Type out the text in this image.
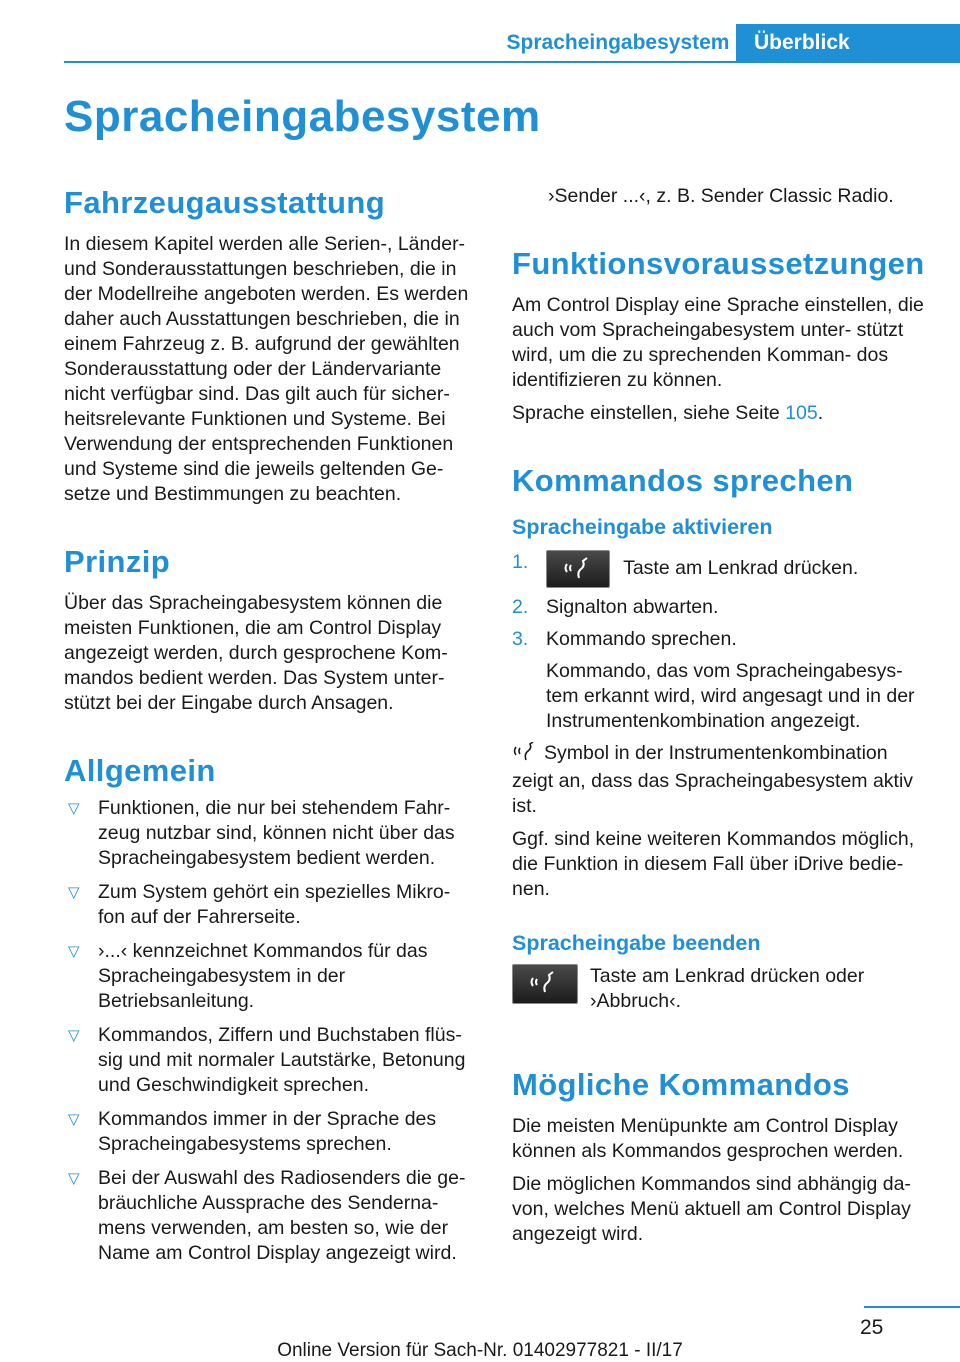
Spracheingabesystem	Überblick
Spracheingabesystem
Fahrzeugausstattung

In diesem Kapitel werden alle Serien-, Länder- und Sonderausstattungen beschrieben, die in der Modellreihe angeboten werden. Es werden daher auch Ausstattungen beschrieben, die in einem Fahrzeug z. B. aufgrund der gewählten Sonderausstattung oder der Ländervariante nicht verfügbar sind. Das gilt auch für sicher- heitsrelevante Funktionen und Systeme. Bei Verwendung der entsprechenden Funktionen und Systeme sind die jeweils geltenden Ge- setze und Bestimmungen zu beachten.

Prinzip

Über das Spracheingabesystem können die meisten Funktionen, die am Control Display angezeigt werden, durch gesprochene Kom- mandos bedient werden. Das System unter- stützt bei der Eingabe durch Ansagen.

Allgemein
▽ Funktionen, die nur bei stehendem Fahr- zeug nutzbar sind, können nicht über das Spracheingabesystem bedient werden.
▽ Zum System gehört ein spezielles Mikro- fon auf der Fahrerseite.
▽ ›...‹ kennzeichnet Kommandos für das Spracheingabesystem in der Betriebsanleitung.
▽ Kommandos, Ziffern und Buchstaben flüs- sig und mit normaler Lautstärke, Betonung und Geschwindigkeit sprechen.
▽ Kommandos immer in der Sprache des Spracheingabesystems sprechen.
▽ Bei der Auswahl des Radiosenders die ge- bräuchliche Aussprache des Senderna- mens verwenden, am besten so, wie der Name am Control Display angezeigt wird.

›Sender ...‹, z. B. Sender Classic Radio.

Funktionsvoraussetzungen

Am Control Display eine Sprache einstellen, die auch vom Spracheingabesystem unter- stützt wird, um die zu sprechenden Komman- dos identifizieren zu können.

Sprache einstellen, siehe Seite 105.

Kommandos sprechen
Spracheingabe aktivieren
1.	Taste am Lenkrad drücken.
2. Signalton abwarten.
3. Kommando sprechen.
Kommando, das vom Spracheingabesys- tem erkannt wird, wird angesagt und in der Instrumentenkombination angezeigt.

Symbol in der Instrumentenkombination zeigt an, dass das Spracheingabesystem aktiv ist.

Ggf. sind keine weiteren Kommandos möglich, die Funktion in diesem Fall über iDrive bedie- nen.

Spracheingabe beenden

Taste am Lenkrad drücken oder ›Abbruch‹.

Mögliche Kommandos

Die meisten Menüpunkte am Control Display können als Kommandos gesprochen werden.

Die möglichen Kommandos sind abhängig da- von, welches Menü aktuell am Control Display angezeigt wird.

25
Online Version für Sach-Nr. 01402977821 - II/17
